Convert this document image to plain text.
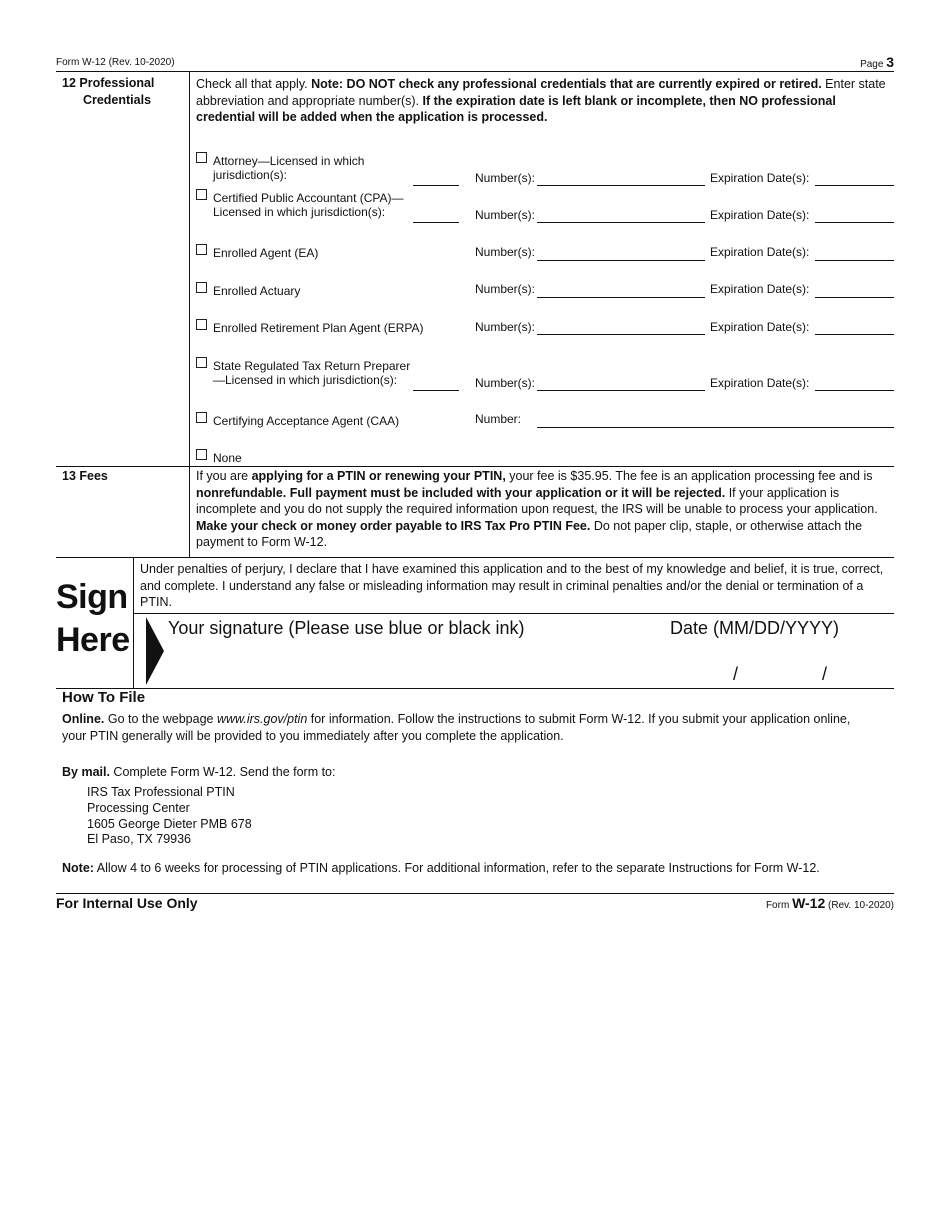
Form W-12 (Rev. 10-2020)	Page 3
12 Professional
Credentials
Check all that apply. Note: DO NOT check any professional credentials that are currently expired or retired. Enter state abbreviation and appropriate number(s). If the expiration date is left blank or incomplete, then NO professional credential will be added when the application is processed.
Attorney—Licensed in which
jurisdiction(s):	Number(s):	Expiration Date(s):
Certified Public Accountant (CPA)—
Licensed in which jurisdiction(s):	Number(s):	Expiration Date(s):
Enrolled Agent (EA)	Number(s):	Expiration Date(s):
Enrolled Actuary	Number(s):	Expiration Date(s):
Enrolled Retirement Plan Agent (ERPA)	Number(s):	Expiration Date(s):
State Regulated Tax Return Preparer
—Licensed in which jurisdiction(s):	Number(s):	Expiration Date(s):
Certifying Acceptance Agent (CAA)	Number:
None
13 Fees	If you are applying for a PTIN or renewing your PTIN, your fee is $35.95. The fee is an application processing fee and is nonrefundable. Full payment must be included with your application or it will be rejected. If your application is incomplete and you do not supply the required information upon request, the IRS will be unable to process your application. Make your check or money order payable to IRS Tax Pro PTIN Fee. Do not paper clip, staple, or otherwise attach the payment to Form W-12.
Sign
Here
Under penalties of perjury, I declare that I have examined this application and to the best of my knowledge and belief, it is true, correct, and complete. I understand any false or misleading information may result in criminal penalties and/or the denial or termination of a PTIN.
Your signature (Please use blue or black ink)	Date (MM/DD/YYYY)
/	/
How To File
Online. Go to the webpage www.irs.gov/ptin for information. Follow the instructions to submit Form W-12. If you submit your application online, your PTIN generally will be provided to you immediately after you complete the application.
By mail. Complete Form W-12. Send the form to:
IRS Tax Professional PTIN
Processing Center
1605 George Dieter PMB 678
El Paso, TX 79936
Note: Allow 4 to 6 weeks for processing of PTIN applications. For additional information, refer to the separate Instructions for Form W-12.
For Internal Use Only	Form W-12 (Rev. 10-2020)
